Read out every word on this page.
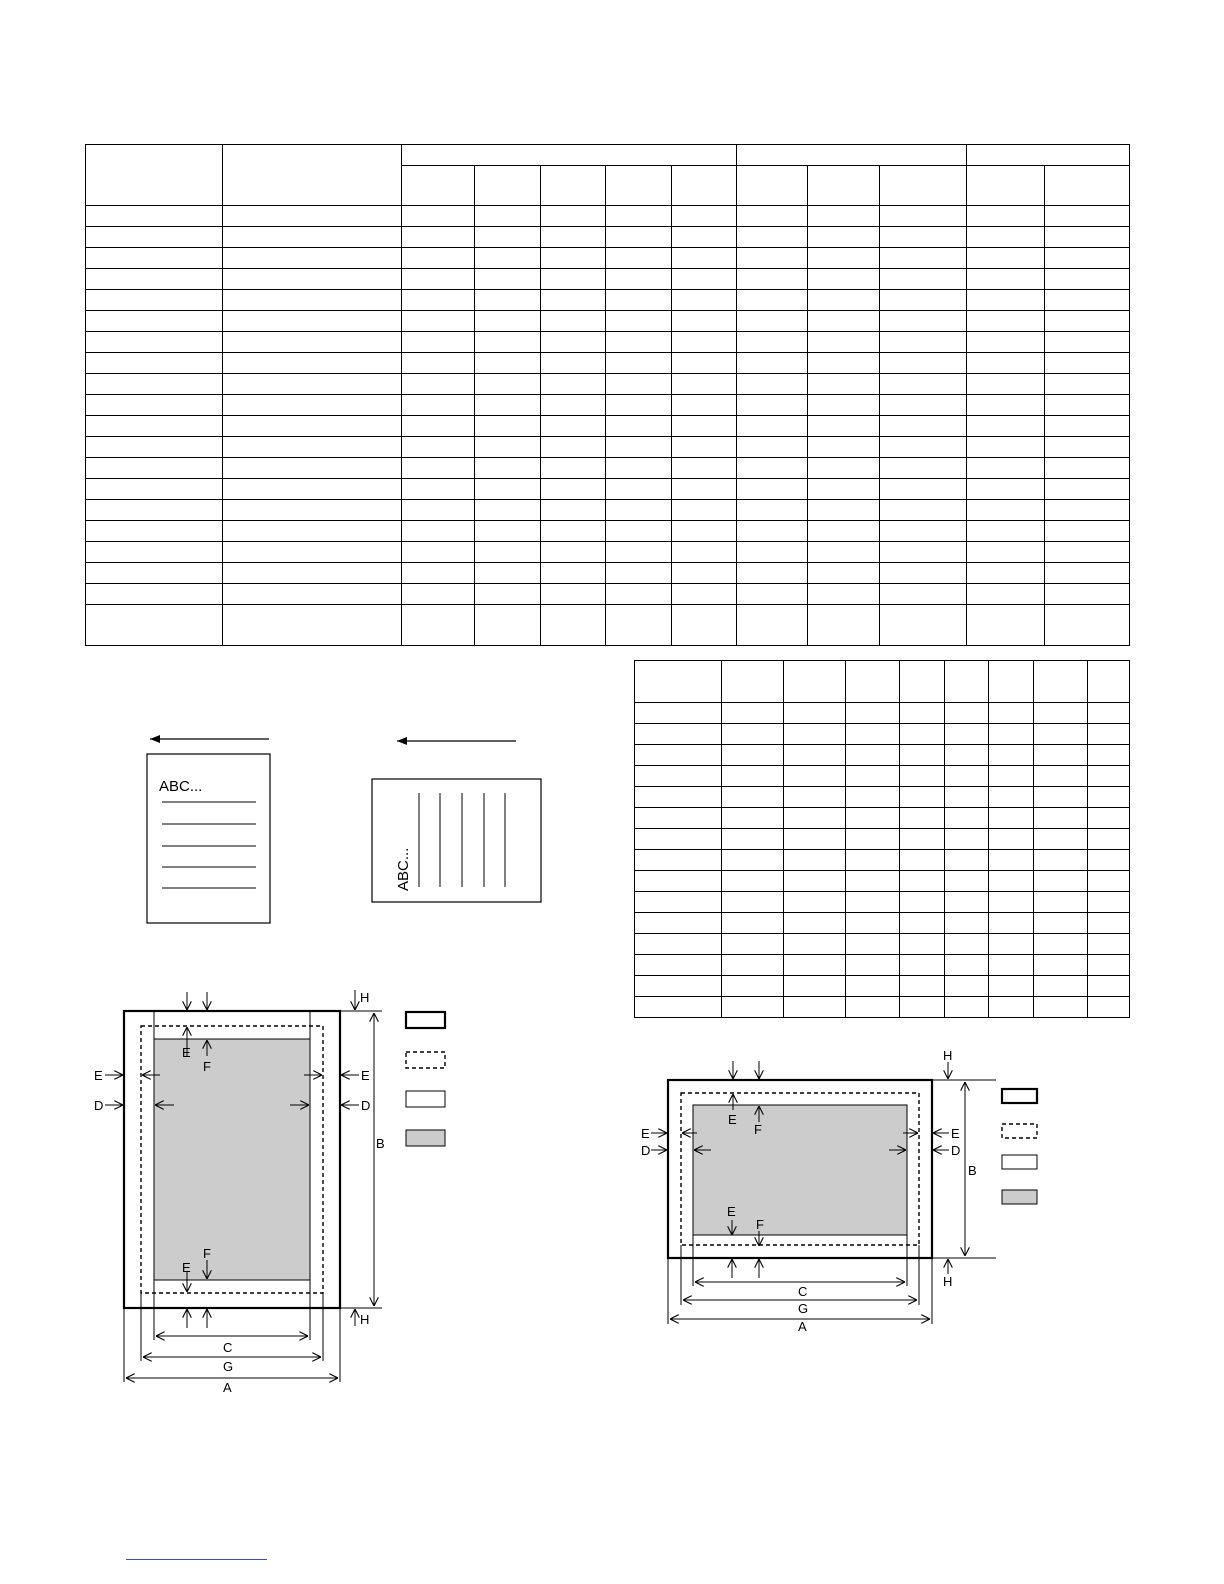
ABC...
ABC...
E
F
H
E
F
H
E
D
E
D
B
C
G
A
E
F
H
E
F
H
E
D
E
D
B
C
G
A
